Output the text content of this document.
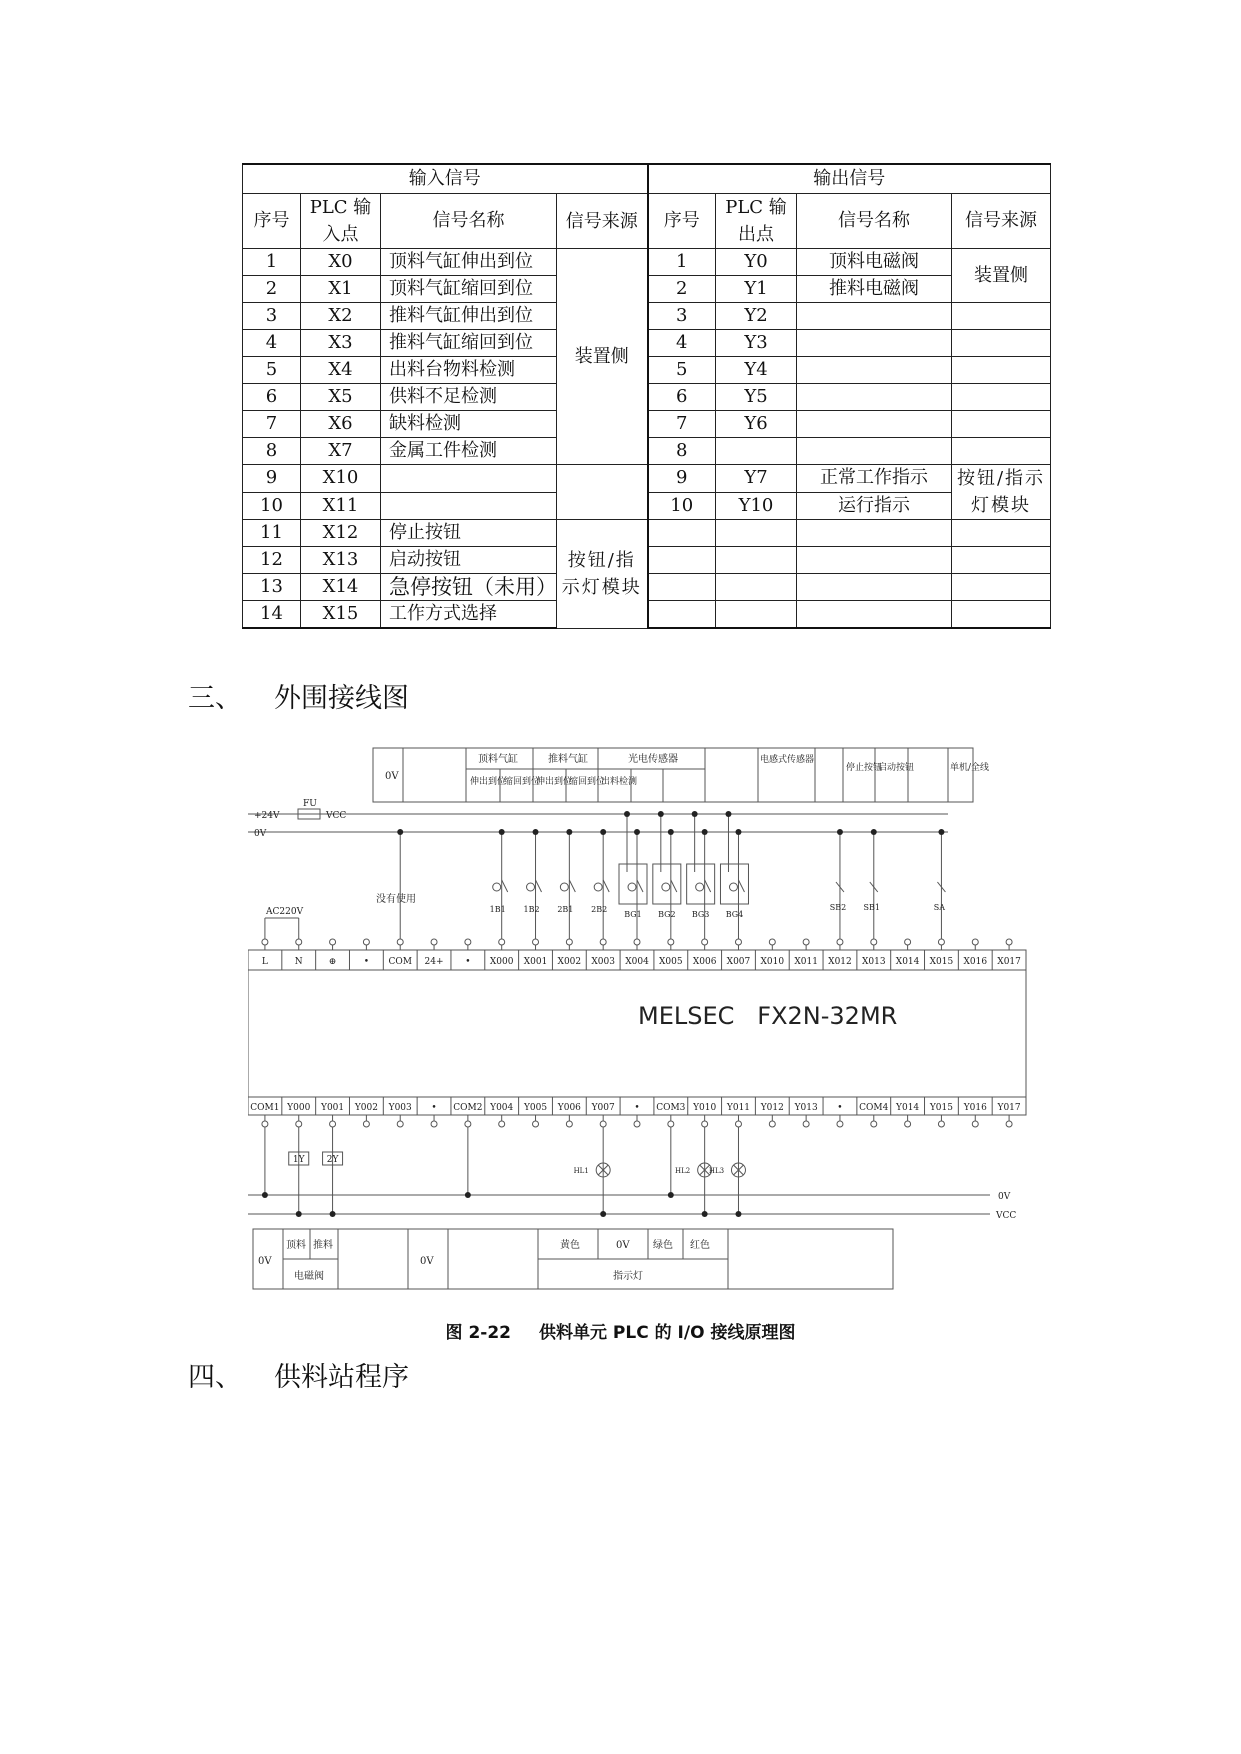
输入信号				输出信号			
序号	PLC 输入点	信号名称	信号来源	序号	PLC 输出点	信号名称	信号来源
1	X0	顶料气缸伸出到位	装置侧	1	Y0	顶料电磁阀	装置侧
2	X1	顶料气缸缩回到位		2	Y1	推料电磁阀	
3	X2	推料气缸伸出到位		3	Y2		
4	X3	推料气缸缩回到位		4	Y3		
5	X4	出料台物料检测		5	Y4		
6	X5	供料不足检测		6	Y5		
7	X6	缺料检测		7	Y6		
8	X7	金属工件检测		8			
9	X10			9	Y7	正常工作指示	按钮/指示灯模块
10	X11			10	Y10	运行指示	
11	X12	停止按钮	按钮/指示灯模块				
12	X13	启动按钮					
13	X14	急停按钮（未用）					
14	X15	工作方式选择					
三、 外围接线图
0V
顶料气缸	推料气缸	光电传感器
伸出到位
缩回到位
伸出到位
缩回到位
出料检测
电感式传感器
停止按钮
启动按钮	单机/全线
+24V
0V
FU
VCC
AC220V
没有使用
MELSEC   FX2N-32MR
0V
VCC
0V
顶料 推料
电磁阀
0V
黄色	0V 绿色 红色
指示灯
L	N	⊕	• COM 24+ • X000 X001 X002 X003 X004 X005 X006 X007 X010 X011 X012 X013 X014 X015 X016 X017
COM1 Y000 Y001 Y002 Y003 • COM2 Y004 Y005 Y006 Y007 • COM3 Y010 Y011 Y012 Y013 • COM4 Y014 Y015 Y016 Y017
1B1 1B2 2B1 2B2
BG1 BG2 BG3 BG4
SB2 SB1	SA
1Y 2Y
HL1	HL2	HL3
图 2-22 供料单元 PLC 的 I/O 接线原理图
四、 供料站程序
